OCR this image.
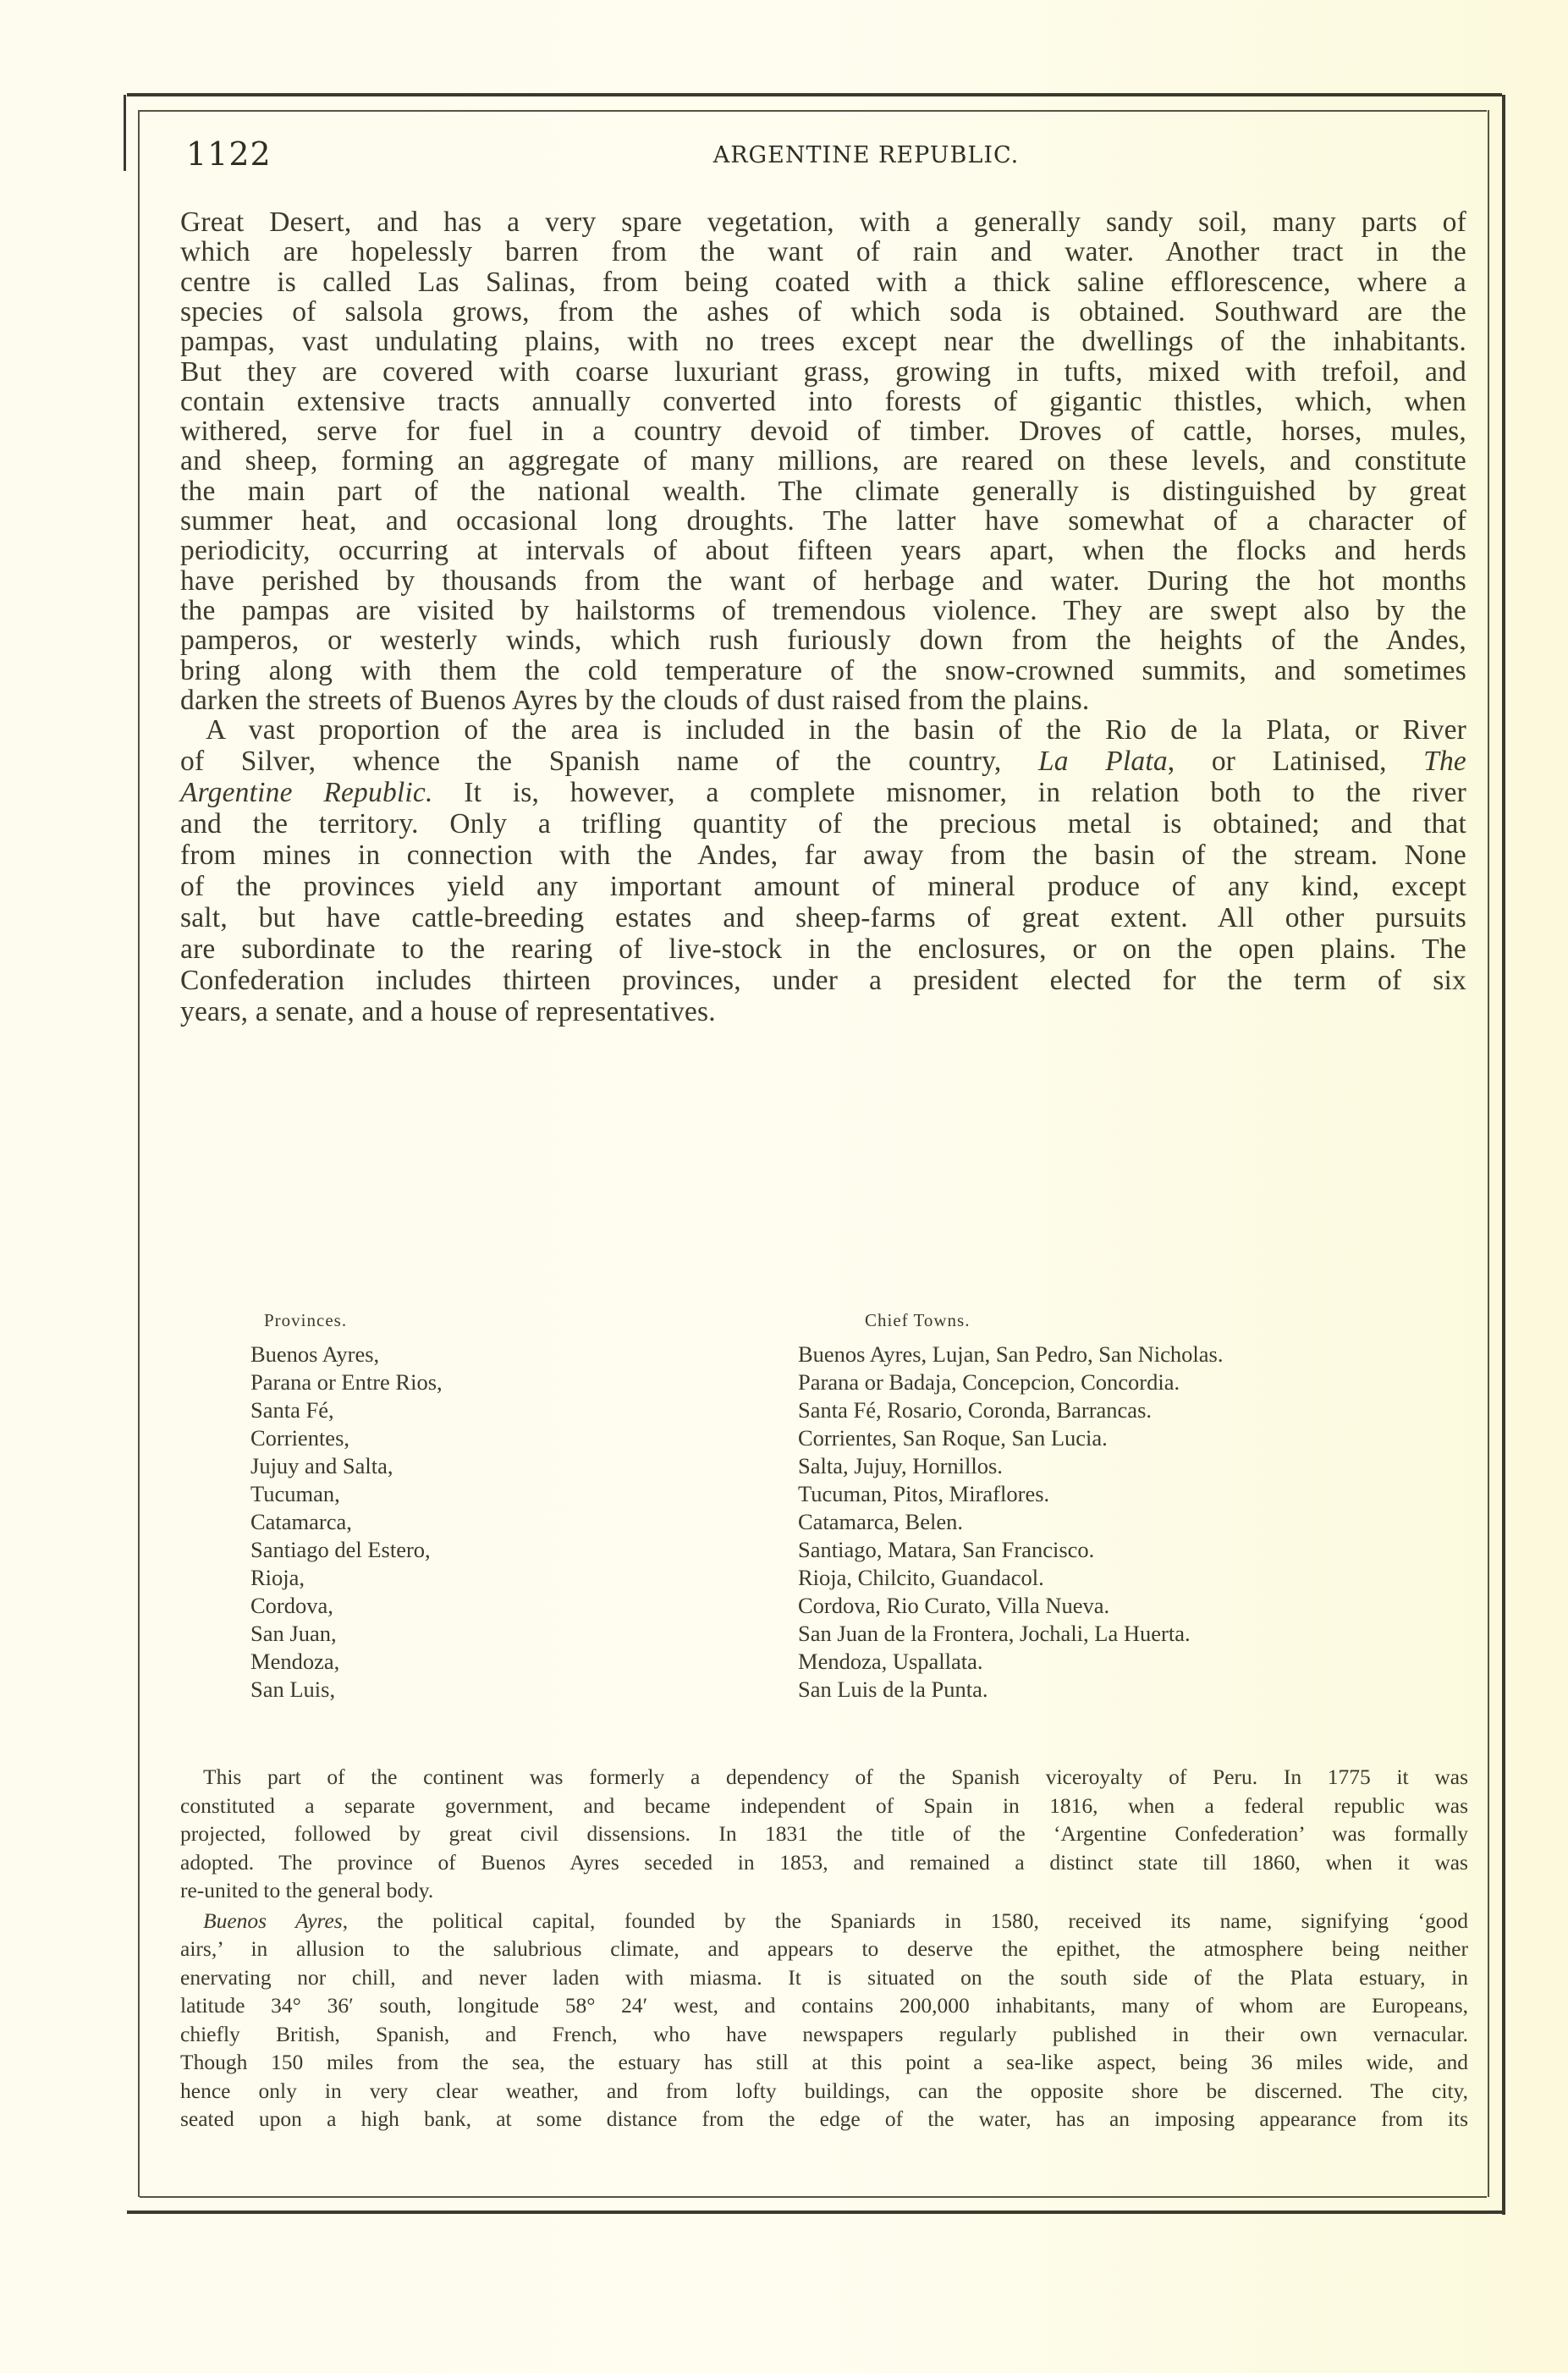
1122	ARGENTINE REPUBLIC.
Great Desert, and has a very spare vegetation, with a generally sandy soil, many parts of
which are hopelessly barren from the want of rain and water. Another tract in the
centre is called Las Salinas, from being coated with a thick saline efflorescence, where a
species of salsola grows, from the ashes of which soda is obtained. Southward are the
pampas, vast undulating plains, with no trees except near the dwellings of the inhabitants.
But they are covered with coarse luxuriant grass, growing in tufts, mixed with trefoil, and
contain extensive tracts annually converted into forests of gigantic thistles, which, when
withered, serve for fuel in a country devoid of timber. Droves of cattle, horses, mules,
and sheep, forming an aggregate of many millions, are reared on these levels, and constitute
the main part of the national wealth. The climate generally is distinguished by great
summer heat, and occasional long droughts. The latter have somewhat of a character of
periodicity, occurring at intervals of about fifteen years apart, when the flocks and herds
have perished by thousands from the want of herbage and water. During the hot months
the pampas are visited by hailstorms of tremendous violence. They are swept also by the
pamperos, or westerly winds, which rush furiously down from the heights of the Andes,
bring along with them the cold temperature of the snow-crowned summits, and sometimes
darken the streets of Buenos Ayres by the clouds of dust raised from the plains.
A vast proportion of the area is included in the basin of the Rio de la Plata, or River
of Silver, whence the Spanish name of the country, La Plata, or Latinised, The
Argentine Republic. It is, however, a complete misnomer, in relation both to the river
and the territory. Only a trifling quantity of the precious metal is obtained; and that
from mines in connection with the Andes, far away from the basin of the stream. None
of the provinces yield any important amount of mineral produce of any kind, except
salt, but have cattle-breeding estates and sheep-farms of great extent. All other pursuits
are subordinate to the rearing of live-stock in the enclosures, or on the open plains. The
Confederation includes thirteen provinces, under a president elected for the term of six
years, a senate, and a house of representatives.
Provinces.	Chief Towns.
Buenos Ayres,	Buenos Ayres, Lujan, San Pedro, San Nicholas.
Parana or Entre Rios,	Parana or Badaja, Concepcion, Concordia.
Santa Fé,	Santa Fé, Rosario, Coronda, Barrancas.
Corrientes,	Corrientes, San Roque, San Lucia.
Jujuy and Salta,	Salta, Jujuy, Hornillos.
Tucuman,	Tucuman, Pitos, Miraflores.
Catamarca,	Catamarca, Belen.
Santiago del Estero,	Santiago, Matara, San Francisco.
Rioja,	Rioja, Chilcito, Guandacol.
Cordova,	Cordova, Rio Curato, Villa Nueva.
San Juan,	San Juan de la Frontera, Jochali, La Huerta.
Mendoza,	Mendoza, Uspallata.
San Luis,	San Luis de la Punta.
This part of the continent was formerly a dependency of the Spanish viceroyalty of Peru. In 1775 it was
constituted a separate government, and became independent of Spain in 1816, when a federal republic was
projected, followed by great civil dissensions. In 1831 the title of the ‘Argentine Confederation’ was formally
adopted. The province of Buenos Ayres seceded in 1853, and remained a distinct state till 1860, when it was
re-united to the general body.
Buenos Ayres, the political capital, founded by the Spaniards in 1580, received its name, signifying ‘good
airs,’ in allusion to the salubrious climate, and appears to deserve the epithet, the atmosphere being neither
enervating nor chill, and never laden with miasma. It is situated on the south side of the Plata estuary, in
latitude 34° 36′ south, longitude 58° 24′ west, and contains 200,000 inhabitants, many of whom are Europeans,
chiefly British, Spanish, and French, who have newspapers regularly published in their own vernacular.
Though 150 miles from the sea, the estuary has still at this point a sea-like aspect, being 36 miles wide, and
hence only in very clear weather, and from lofty buildings, can the opposite shore be discerned. The city,
seated upon a high bank, at some distance from the edge of the water, has an imposing appearance from its
